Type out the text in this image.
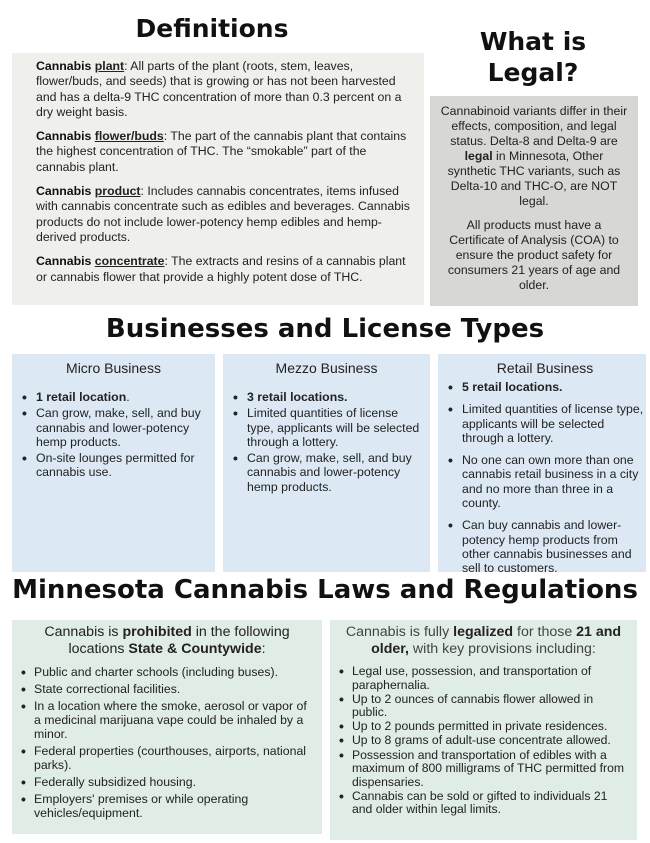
Definitions

Cannabis plant: All parts of the plant (roots, stem, leaves, flower/buds, and seeds) that is growing or has not been harvested and has a delta-9 THC concentration of more than 0.3 percent on a dry weight basis.

Cannabis flower/buds: The part of the cannabis plant that contains the highest concentration of THC. The “smokable” part of the cannabis plant.

Cannabis product: Includes cannabis concentrates, items infused with cannabis concentrate such as edibles and beverages. Cannabis products do not include lower-potency hemp edibles and hemp-derived products.

Cannabis concentrate: The extracts and resins of a cannabis plant or cannabis flower that provide a highly potent dose of THC.

What is
Legal?

Cannabinoid variants differ in their effects, composition, and legal status. Delta-8 and Delta-9 are legal in Minnesota, Other synthetic THC variants, such as Delta-10 and THC-O, are NOT legal.

All products must have a Certificate of Analysis (COA) to ensure the product safety for consumers 21 years of age and older.

Businesses and License Types
Micro Business
• 1 retail location.
• Can grow, make, sell, and buy cannabis and lower-potency hemp products.
• On-site lounges permitted for cannabis use.
Mezzo Business
• 3 retail locations.
• Limited quantities of license type, applicants will be selected through a lottery.
• Can grow, make, sell, and buy cannabis and lower-potency hemp products.
Retail Business
• 5 retail locations.
• Limited quantities of license type, applicants will be selected through a lottery.
• No one can own more than one cannabis retail business in a city and no more than three in a county.
• Can buy cannabis and lower-potency hemp products from other cannabis businesses and sell to customers.
Minnesota Cannabis Laws and Regulations

Cannabis is prohibited in the following locations State & Countywide:

• Public and charter schools (including buses).
• State correctional facilities.
• In a location where the smoke, aerosol or vapor of a medicinal marijuana vape could be inhaled by a minor.
• Federal properties (courthouses, airports, national parks).
• Federally subsidized housing.
• Employers' premises or while operating vehicles/equipment.

Cannabis is fully legalized for those 21 and older, with key provisions including:

• Legal use, possession, and transportation of paraphernalia.
• Up to 2 ounces of cannabis flower allowed in public.
• Up to 2 pounds permitted in private residences.
• Up to 8 grams of adult-use concentrate allowed.
• Possession and transportation of edibles with a maximum of 800 milligrams of THC permitted from dispensaries.
• Cannabis can be sold or gifted to individuals 21 and older within legal limits.
